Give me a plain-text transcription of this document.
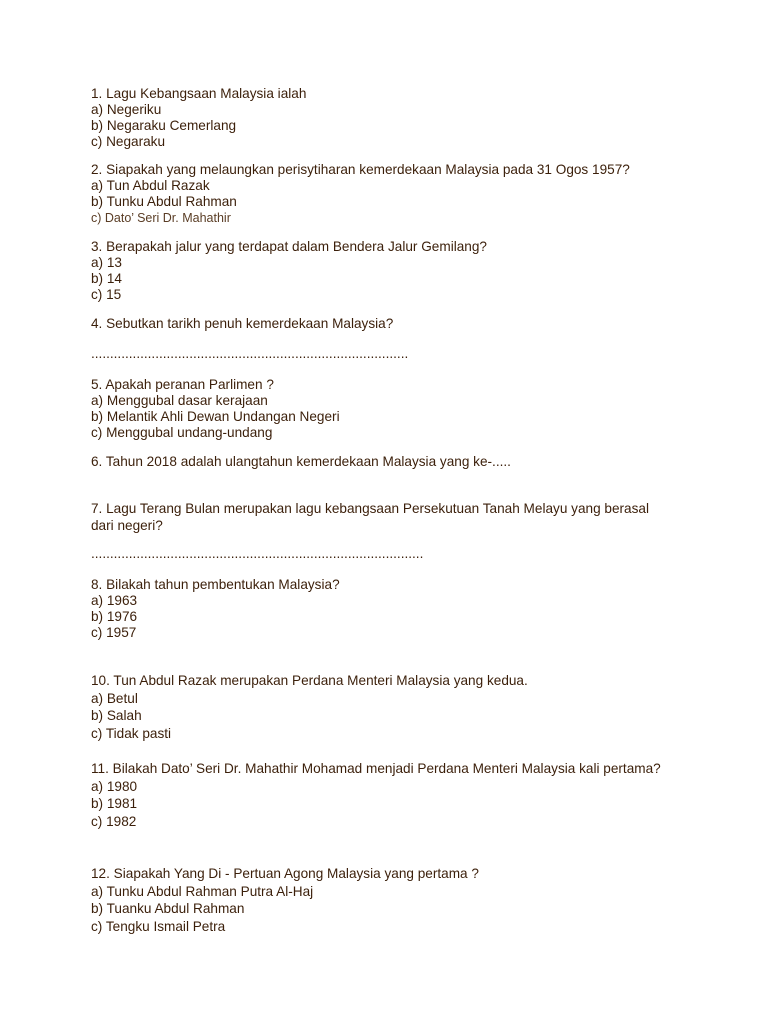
1. Lagu Kebangsaan Malaysia ialah
a) Negeriku
b) Negaraku Cemerlang
c) Negaraku
2. Siapakah yang melaungkan perisytiharan kemerdekaan Malaysia pada 31 Ogos 1957?
a) Tun Abdul Razak
b) Tunku Abdul Rahman
c) Dato’ Seri Dr. Mahathir
3. Berapakah jalur yang terdapat dalam Bendera Jalur Gemilang?
a) 13
b) 14
c) 15
4. Sebutkan tarikh penuh kemerdekaan Malaysia?
....................................................................................
5. Apakah peranan Parlimen ?
a) Menggubal dasar kerajaan
b) Melantik Ahli Dewan Undangan Negeri
c) Menggubal undang-undang
6. Tahun 2018 adalah ulangtahun kemerdekaan Malaysia yang ke-.....
7. Lagu Terang Bulan merupakan lagu kebangsaan Persekutuan Tanah Melayu yang berasal dari negeri?
........................................................................................
8. Bilakah tahun pembentukan Malaysia?
a) 1963
b) 1976
c) 1957
10. Tun Abdul Razak merupakan Perdana Menteri Malaysia yang kedua.
a) Betul
b) Salah
c) Tidak pasti
11. Bilakah Dato’ Seri Dr. Mahathir Mohamad menjadi Perdana Menteri Malaysia kali pertama?
a) 1980
b) 1981
c) 1982
12. Siapakah Yang Di - Pertuan Agong Malaysia yang pertama ?
a) Tunku Abdul Rahman Putra Al-Haj
b) Tuanku Abdul Rahman
c) Tengku Ismail Petra
